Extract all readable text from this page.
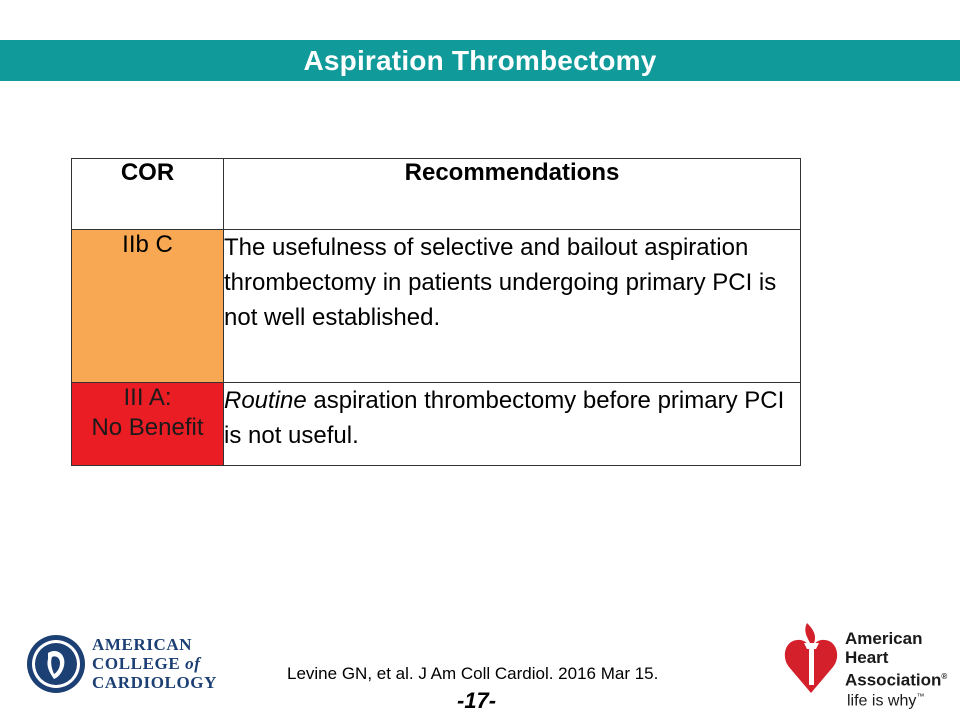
Aspiration Thrombectomy
COR	Recommendations
IIb C	The usefulness of selective and bailout aspiration thrombectomy in patients undergoing primary PCI is not well established.

III A:
No Benefit	Routine aspiration thrombectomy before primary PCI is not useful.
AMERICAN
COLLEGE of
CARDIOLOGY	Levine GN, et al. J Am Coll Cardiol. 2016 Mar 15.
-17-
American
Heart
Association®
life is why™
